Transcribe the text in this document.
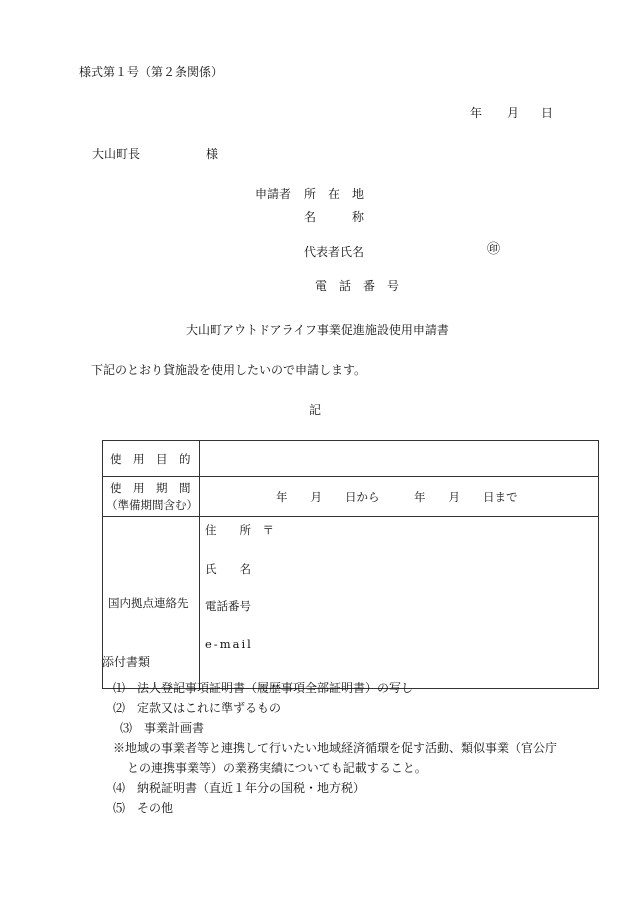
様式第１号（第２条関係）
年 月 日
大山町長	様
申請者 所　在　地
名　　　称
代表者氏名	㊞
電　話　番　号
大山町アウトドアライフ事業促進施設使用申請書
下記のとおり貸施設を使用したいので申請します。
記
使　用　目　的	

使　用　期　間
（準備期間含む）	年　　月　　日から　　　年　　月　　日まで

国内拠点連絡先	住　　所　〒
氏　　名
電話番号
e‐mail
添付書類
⑴　法人登記事項証明書（履歴事項全部証明書）の写し
⑵　定款又はこれに準ずるもの
⑶　事業計画書
※地域の事業者等と連携して行いたい地域経済循環を促す活動、類似事業（官公庁
との連携事業等）の業務実績についても記載すること。
⑷　納税証明書（直近１年分の国税・地方税）
⑸　その他
